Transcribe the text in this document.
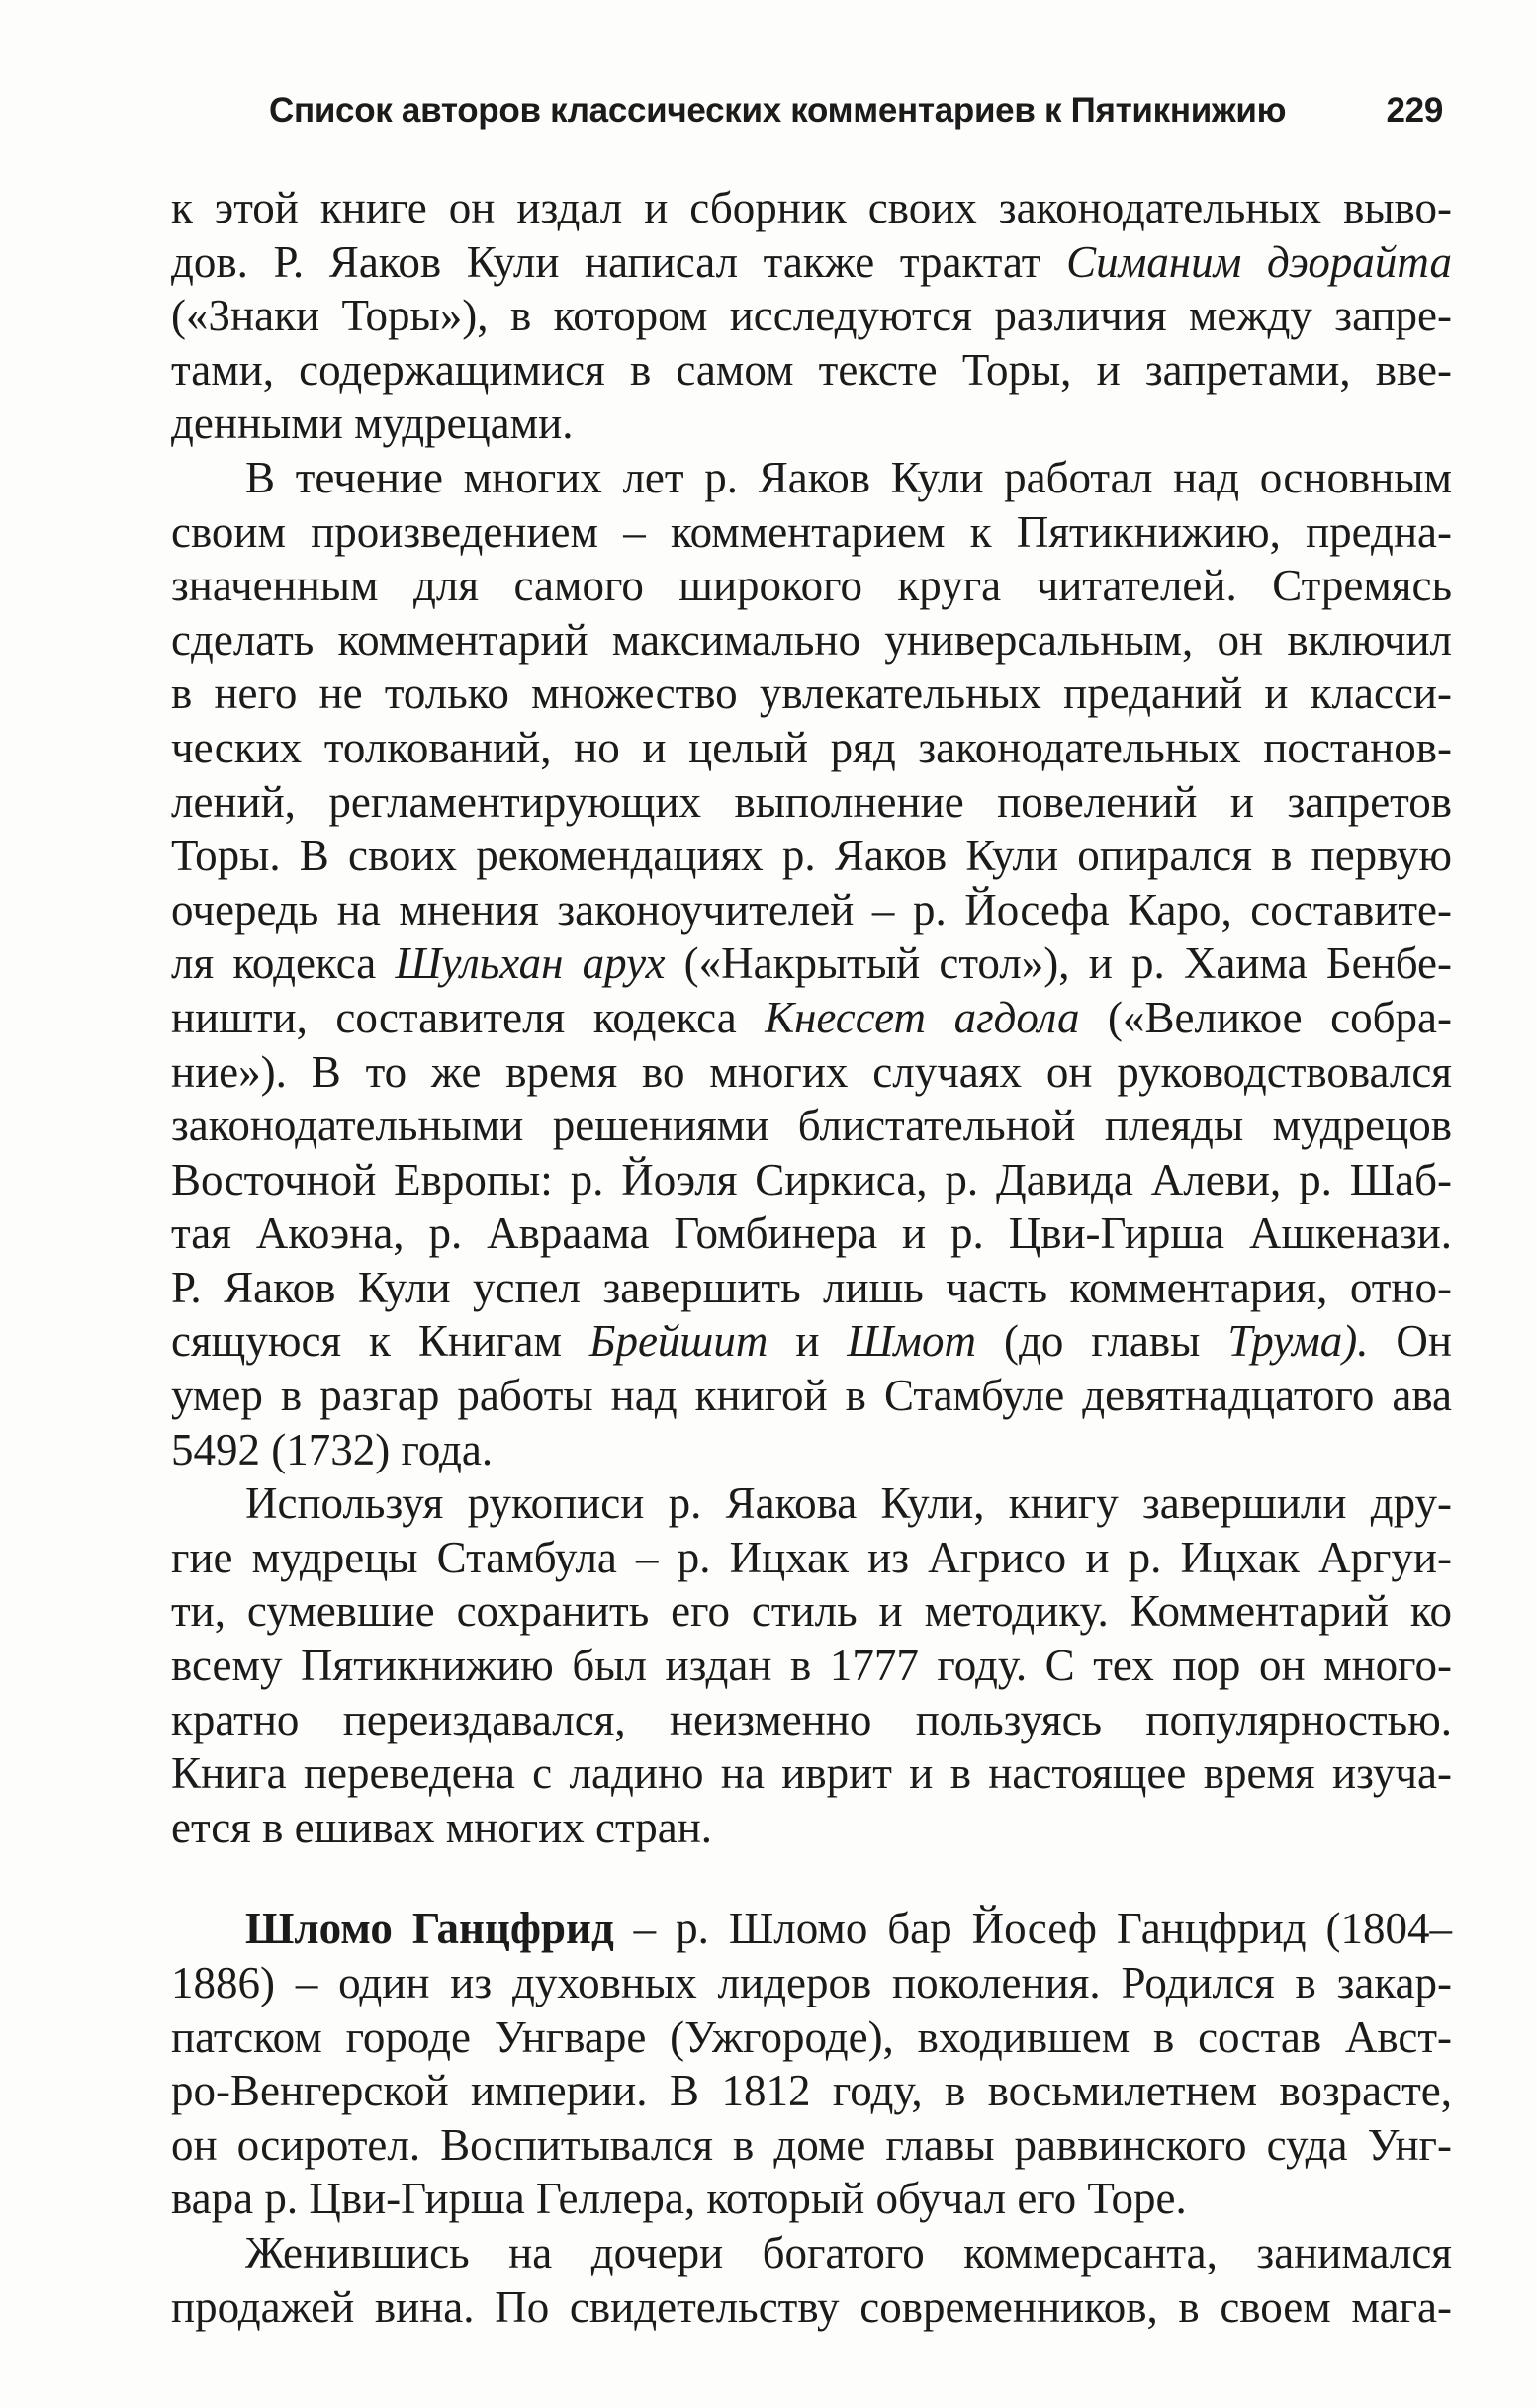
Список авторов классических комментариев к Пятикнижию	229
к этой книге он издал и сборник своих законодательных выво-
дов. Р. Яаков Кули написал также трактат Симаним дэорайта
(«Знаки Торы»), в котором исследуются различия между запре-
тами, содержащимися в самом тексте Торы, и запретами, вве-
денными мудрецами.
В течение многих лет р. Яаков Кули работал над основным
своим произведением – комментарием к Пятикнижию, предна-
значенным для самого широкого круга читателей. Стремясь
сделать комментарий максимально универсальным, он включил
в него не только множество увлекательных преданий и класси-
ческих толкований, но и целый ряд законодательных постанов-
лений, регламентирующих выполнение повелений и запретов
Торы. В своих рекомендациях р. Яаков Кули опирался в первую
очередь на мнения законоучителей – р. Йосефа Каро, составите-
ля кодекса Шульхан арух («Накрытый стол»), и р. Хаима Бенбе-
ништи, составителя кодекса Кнессет агдола («Великое собра-
ние»). В то же время во многих случаях он руководствовался
законодательными решениями блистательной плеяды мудрецов
Восточной Европы: р. Йоэля Сиркиса, р. Давида Алеви, р. Шаб-
тая Акоэна, р. Авраама Гомбинера и р. Цви-Гирша Ашкенази.
Р. Яаков Кули успел завершить лишь часть комментария, отно-
сящуюся к Книгам Брейшит и Шмот (до главы Трума). Он
умер в разгар работы над книгой в Стамбуле девятнадцатого ава
5492 (1732) года.
Используя рукописи р. Яакова Кули, книгу завершили дру-
гие мудрецы Стамбула – р. Ицхак из Агрисо и р. Ицхак Аргуи-
ти, сумевшие сохранить его стиль и методику. Комментарий ко
всему Пятикнижию был издан в 1777 году. С тех пор он много-
кратно переиздавался, неизменно пользуясь популярностью.
Книга переведена с ладино на иврит и в настоящее время изуча-
ется в ешивах многих стран.
Шломо Ганцфрид – р. Шломо бар Йосеф Ганцфрид (1804–
1886) – один из духовных лидеров поколения. Родился в закар-
патском городе Унгваре (Ужгороде), входившем в состав Авст-
ро-Венгерской империи. В 1812 году, в восьмилетнем возрасте,
он осиротел. Воспитывался в доме главы раввинского суда Унг-
вара р. Цви-Гирша Геллера, который обучал его Торе.
Женившись на дочери богатого коммерсанта, занимался
продажей вина. По свидетельству современников, в своем мага-
